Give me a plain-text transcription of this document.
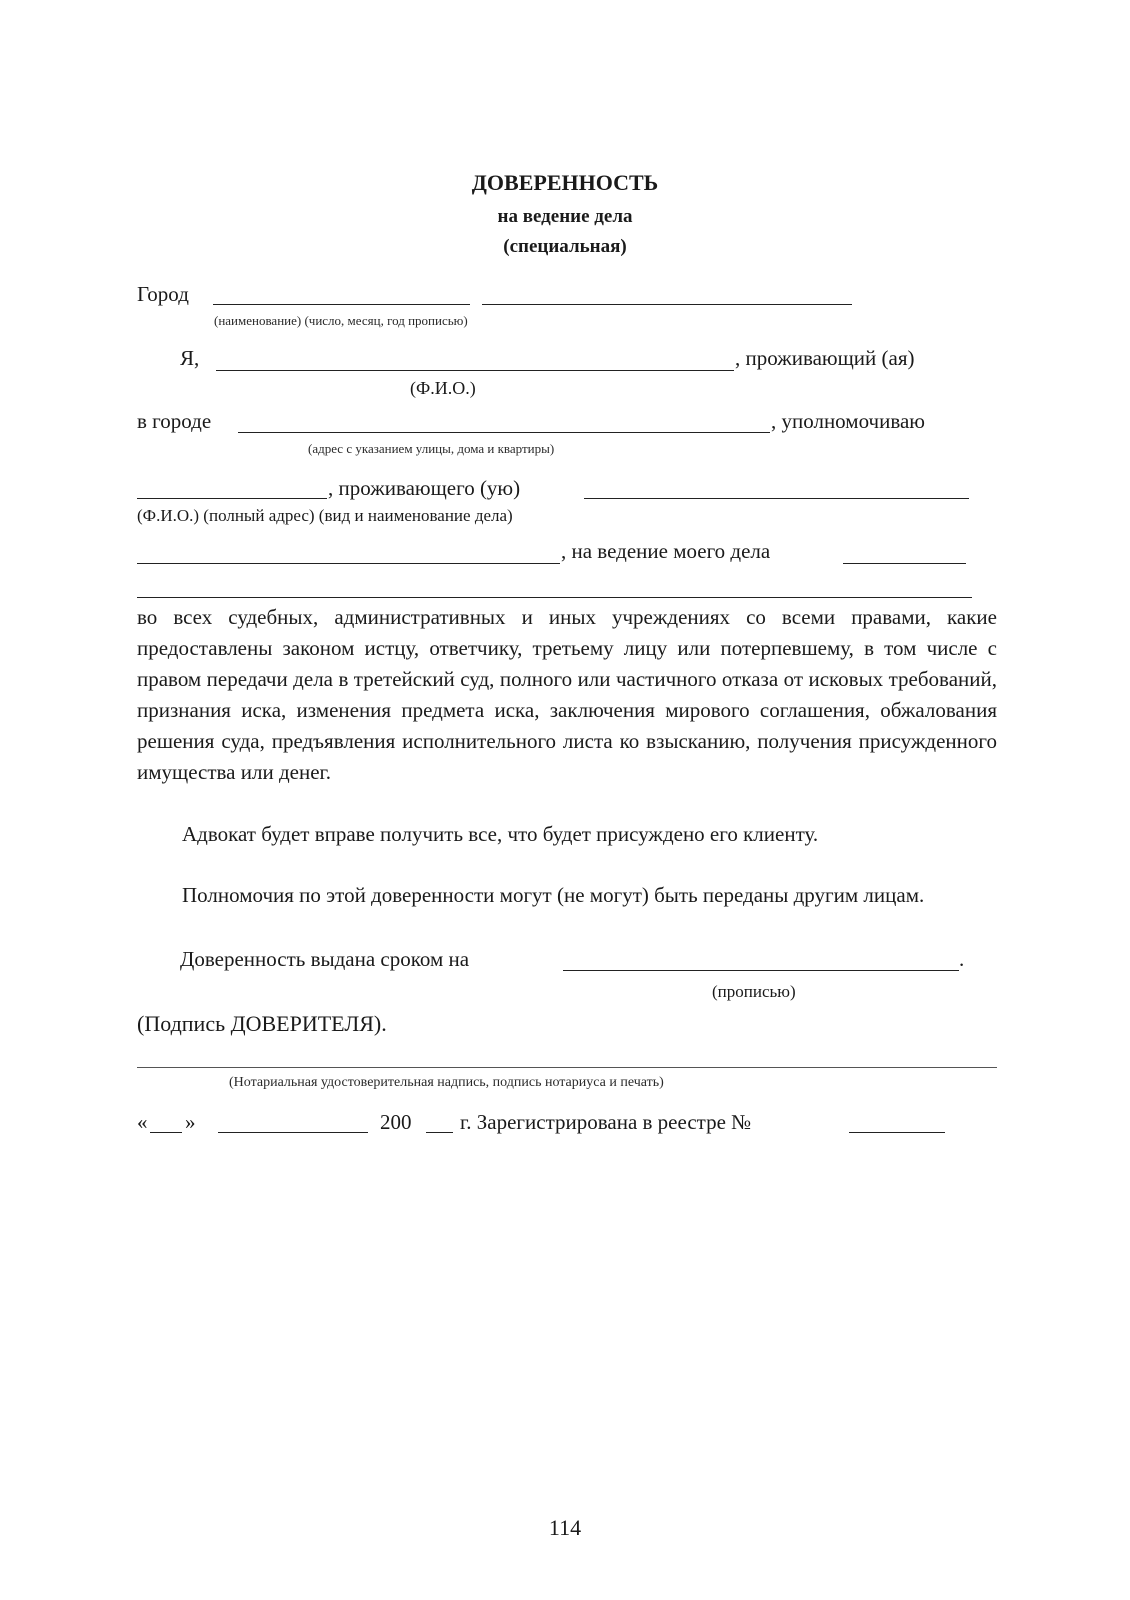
ДОВЕРЕННОСТЬ
на ведение дела
(специальная)
Город
(наименование) (число, месяц, год прописью)
Я,	, проживающий (ая)
(Ф.И.О.)
в городе	, уполномочиваю
(адрес с указанием улицы, дома и квартиры)
, проживающего (ую)
(Ф.И.О.) (полный адрес) (вид и наименование дела)
, на ведение моего дела
во всех судебных, административных и иных учреждениях со всеми правами, какие предоставлены законом истцу, ответчику, третьему лицу или потерпевшему, в том числе с правом передачи дела в третейский суд, полного или частичного отказа от исковых требований, признания иска, изменения предмета иска, заключения мирового соглашения, обжалования решения суда, предъявления исполнительного листа ко взысканию, получения присужденного имущества или денег.
Адвокат будет вправе получить все, что будет присуждено его клиенту.
Полномочия по этой доверенности могут (не могут) быть переданы другим лицам.
Доверенность выдана сроком на	.
(прописью)
(Подпись ДОВЕРИТЕЛЯ).
(Нотариальная удостоверительная надпись, подпись нотариуса и печать)
« »	200 г. Зарегистрирована в реестре №
114
